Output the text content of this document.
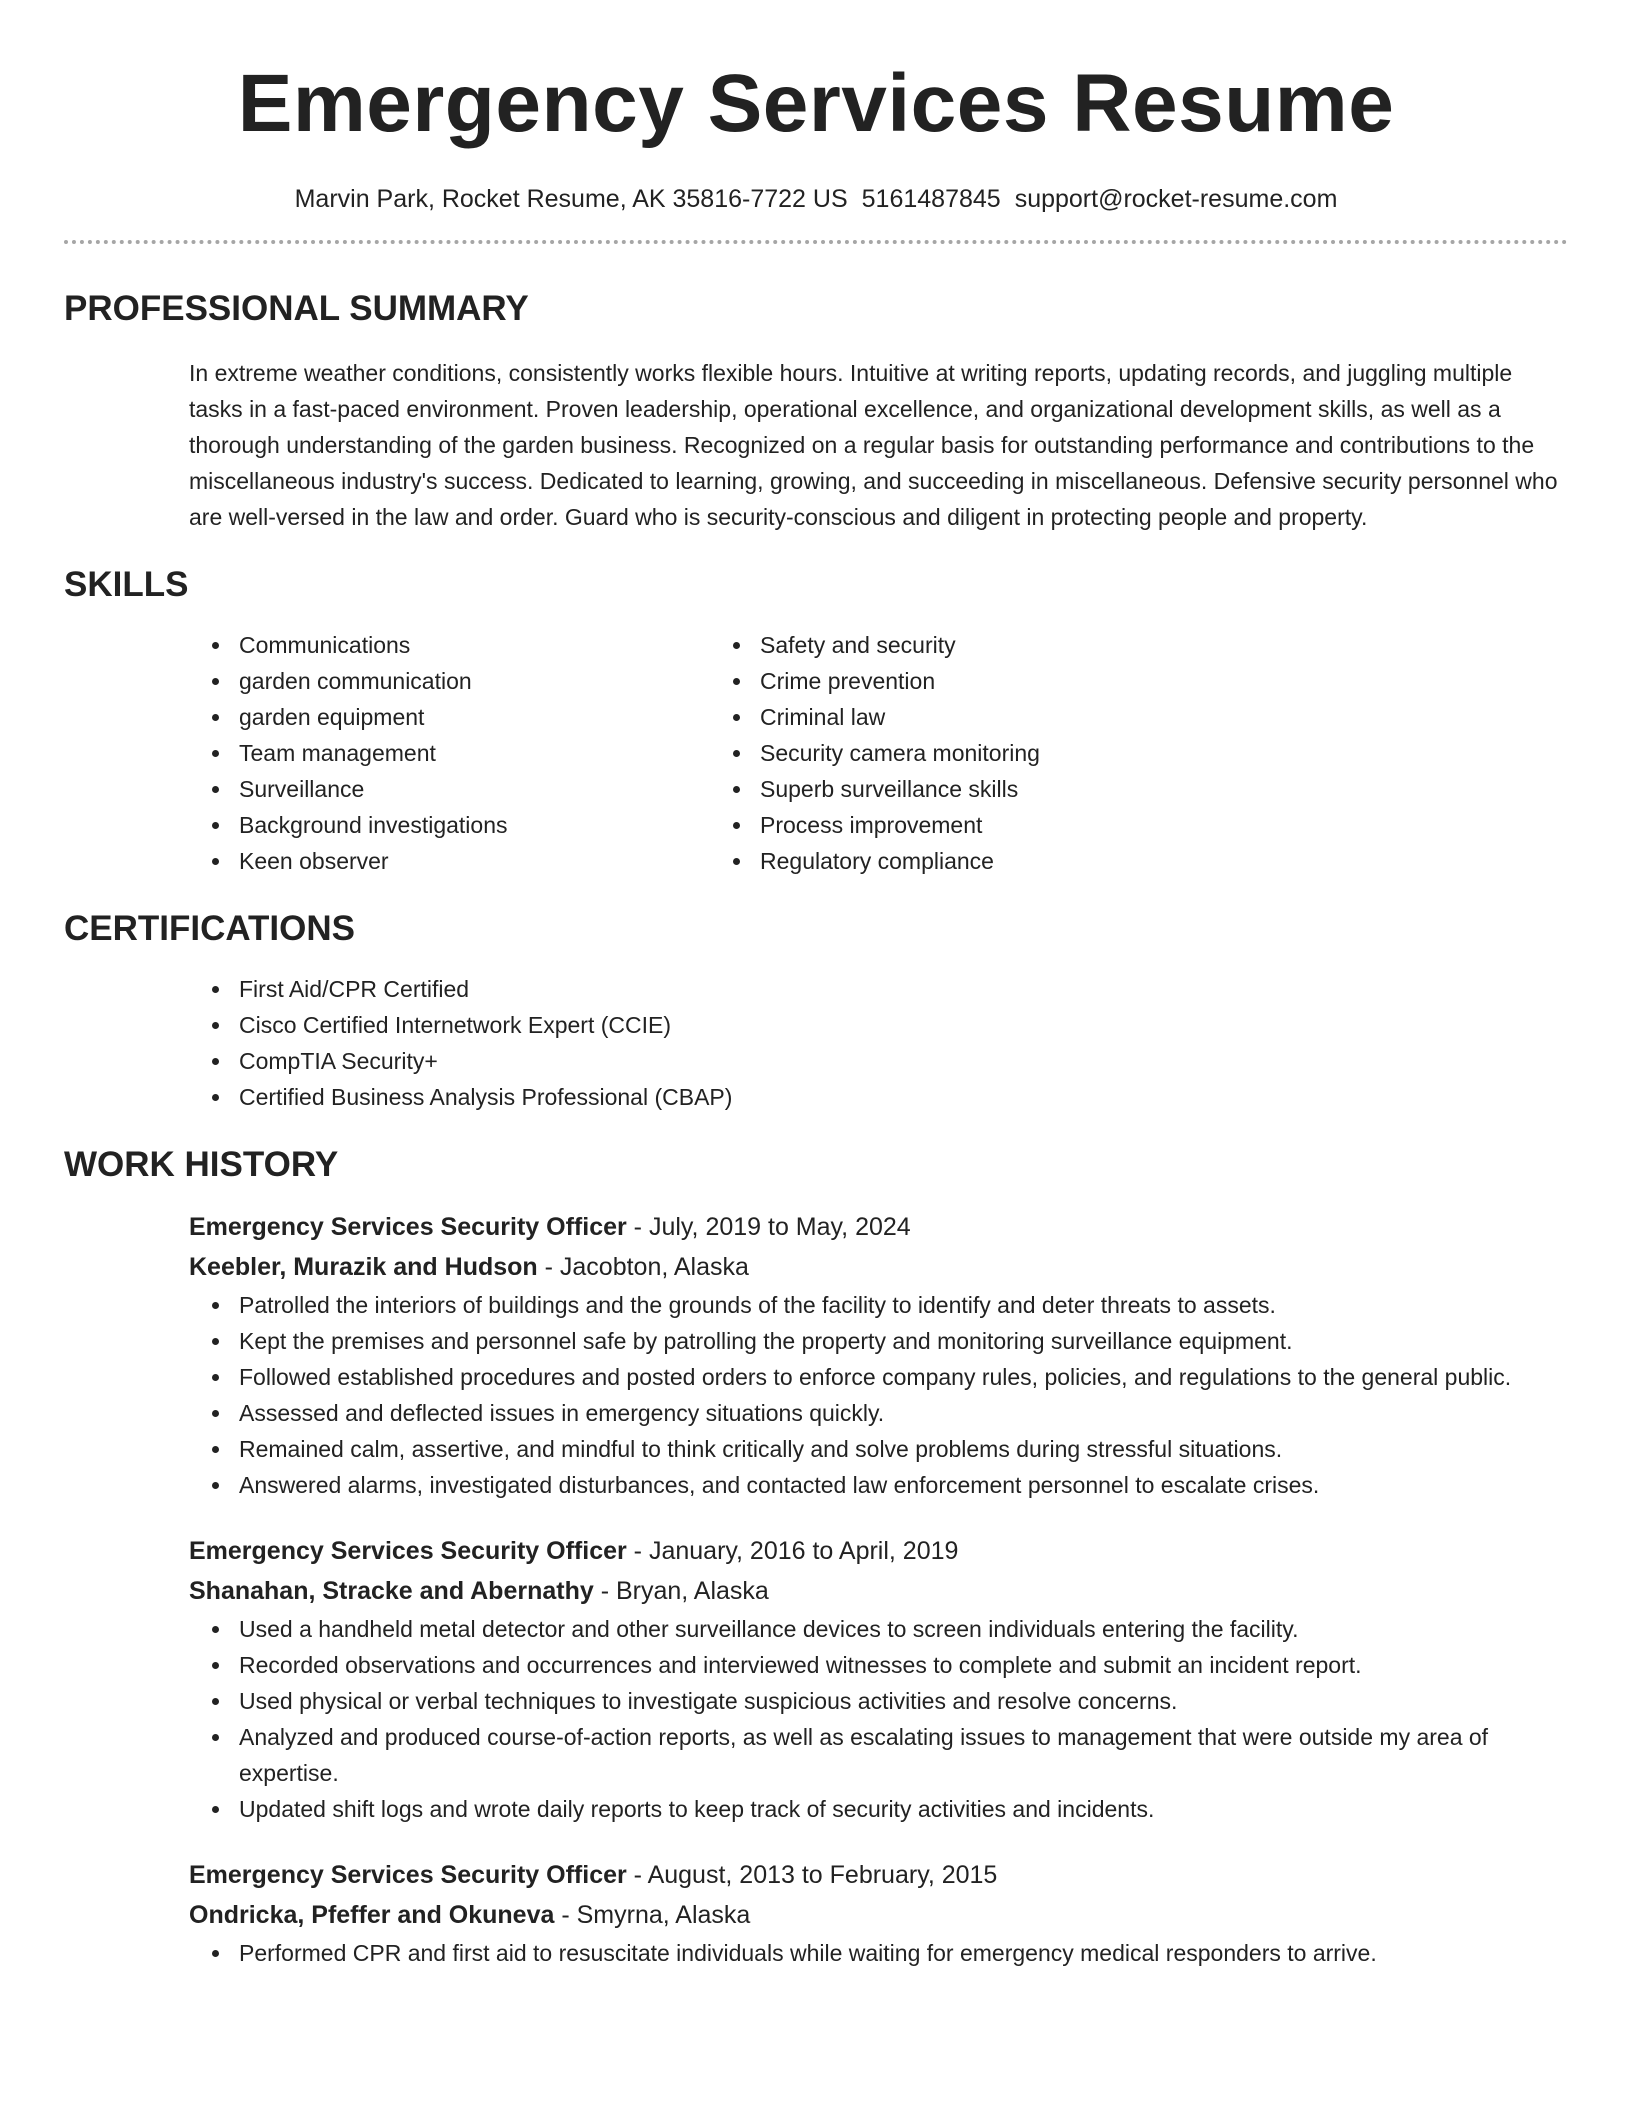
Emergency Services Resume
Marvin Park, Rocket Resume, AK 35816-7722 US 5161487845 support@rocket-resume.com
PROFESSIONAL SUMMARY

In extreme weather conditions, consistently works flexible hours. Intuitive at writing reports, updating records, and juggling multiple tasks in a fast-paced environment. Proven leadership, operational excellence, and organizational development skills, as well as a thorough understanding of the garden business. Recognized on a regular basis for outstanding performance and contributions to the miscellaneous industry's success. Dedicated to learning, growing, and succeeding in miscellaneous. Defensive security personnel who are well-versed in the law and order. Guard who is security-conscious and diligent in protecting people and property.

SKILLS
• Communications
• garden communication
• garden equipment
• Team management
• Surveillance
• Background investigations
• Keen observer
• Safety and security
• Crime prevention
• Criminal law
• Security camera monitoring
• Superb surveillance skills
• Process improvement
• Regulatory compliance
CERTIFICATIONS
• First Aid/CPR Certified
• Cisco Certified Internetwork Expert (CCIE)
• CompTIA Security+
• Certified Business Analysis Professional (CBAP)
WORK HISTORY
Emergency Services Security Officer - July, 2019 to May, 2024
Keebler, Murazik and Hudson - Jacobton, Alaska
• Patrolled the interiors of buildings and the grounds of the facility to identify and deter threats to assets.
• Kept the premises and personnel safe by patrolling the property and monitoring surveillance equipment.
• Followed established procedures and posted orders to enforce company rules, policies, and regulations to the general public.
• Assessed and deflected issues in emergency situations quickly.
• Remained calm, assertive, and mindful to think critically and solve problems during stressful situations.
• Answered alarms, investigated disturbances, and contacted law enforcement personnel to escalate crises.
Emergency Services Security Officer - January, 2016 to April, 2019
Shanahan, Stracke and Abernathy - Bryan, Alaska
• Used a handheld metal detector and other surveillance devices to screen individuals entering the facility.
• Recorded observations and occurrences and interviewed witnesses to complete and submit an incident report.
• Used physical or verbal techniques to investigate suspicious activities and resolve concerns.
• Analyzed and produced course-of-action reports, as well as escalating issues to management that were outside my area of expertise.
• Updated shift logs and wrote daily reports to keep track of security activities and incidents.
Emergency Services Security Officer - August, 2013 to February, 2015
Ondricka, Pfeffer and Okuneva - Smyrna, Alaska
• Performed CPR and first aid to resuscitate individuals while waiting for emergency medical responders to arrive.
